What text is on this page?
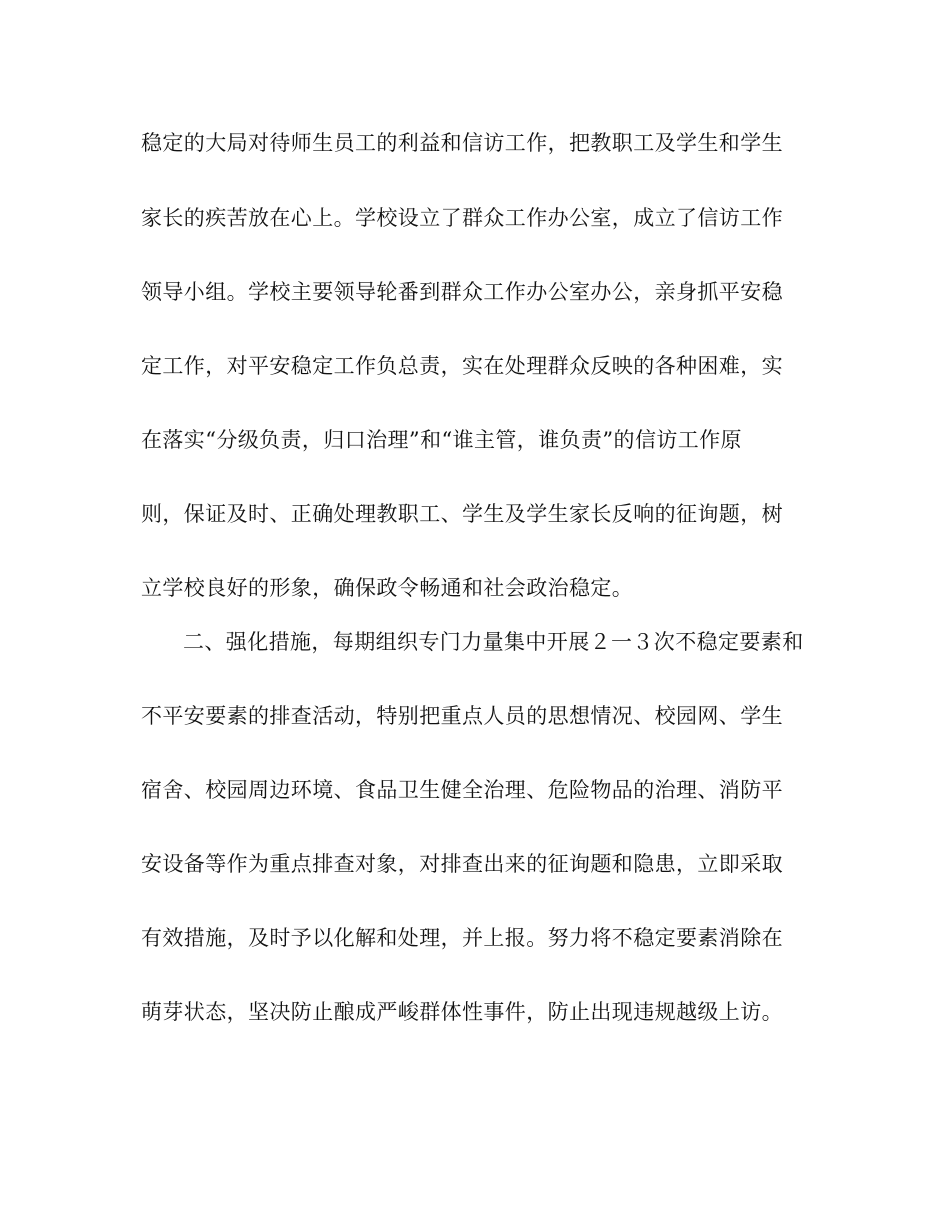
稳定的大局对待师生员工的利益和信访工作，把教职工及学生和学生
家长的疾苦放在心上。学校设立了群众工作办公室，成立了信访工作
领导小组。学校主要领导轮番到群众工作办公室办公，亲身抓平安稳
定工作，对平安稳定工作负总责，实在处理群众反映的各种困难，实
在落实“分级负责，归口治理”和“谁主管，谁负责”的信访工作原
则，保证及时、正确处理教职工、学生及学生家长反响的征询题，树
立学校良好的形象，确保政令畅通和社会政治稳定。
二、强化措施，每期组织专门力量集中开展２一３次不稳定要素和
不平安要素的排查活动，特别把重点人员的思想情况、校园网、学生
宿舍、校园周边环境、食品卫生健全治理、危险物品的治理、消防平
安设备等作为重点排查对象，对排查出来的征询题和隐患，立即采取
有效措施，及时予以化解和处理，并上报。努力将不稳定要素消除在
萌芽状态，坚决防止酿成严峻群体性事件，防止出现违规越级上访。
